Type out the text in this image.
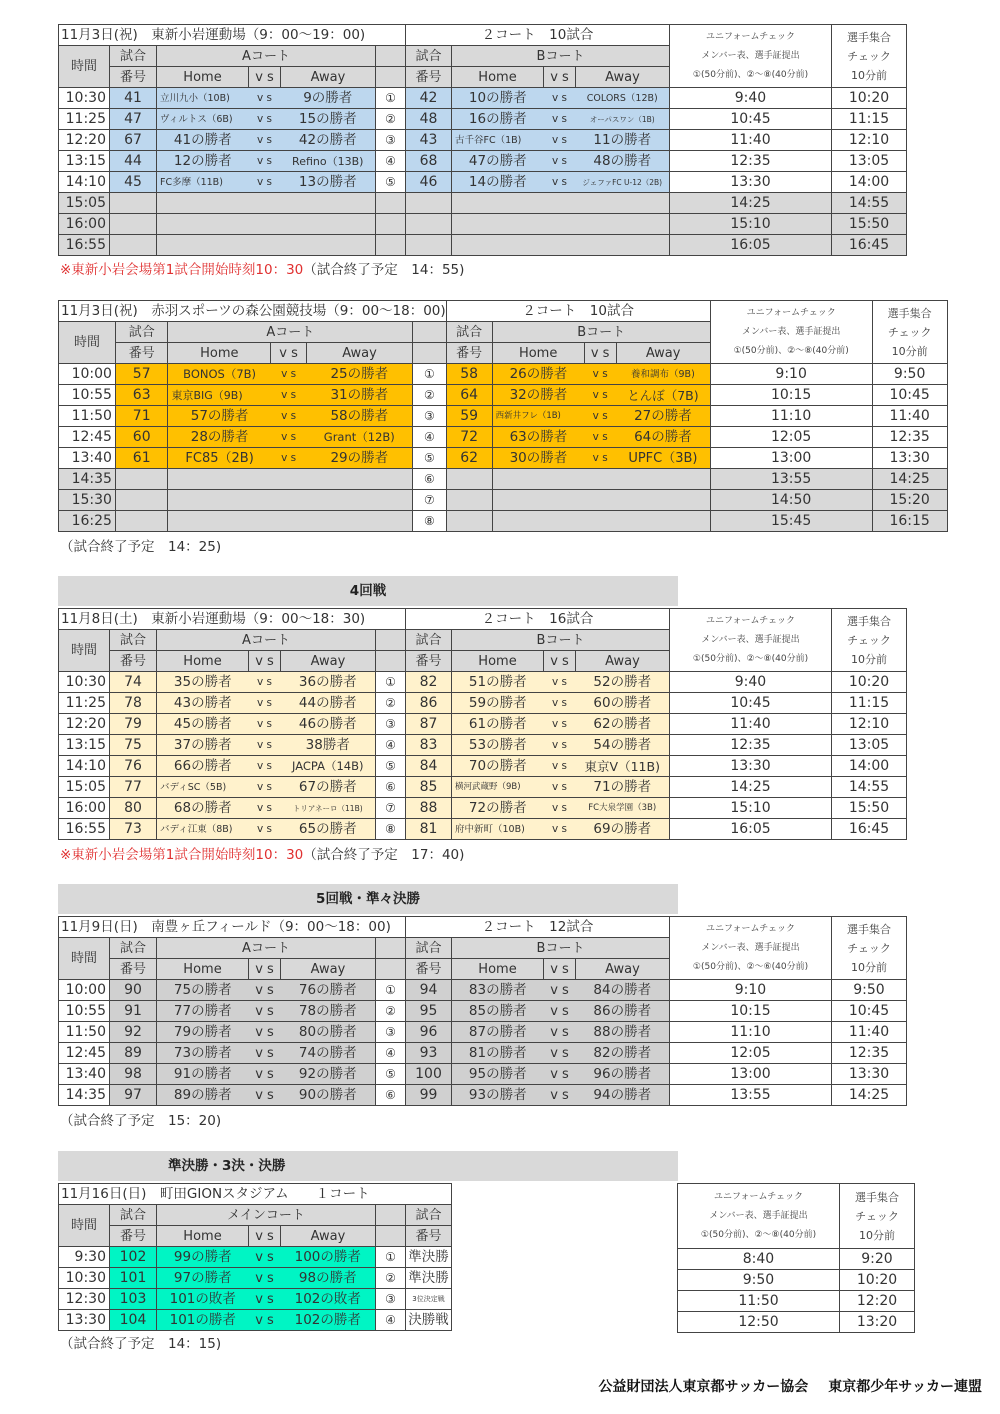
11月3日(祝)　東新小岩運動場（9：00〜19：00)						２コート　10試合				ユニフォームチェック
メンバー表、選手証提出
①(50分前)、②〜⑧(40分前)	選手集合
チェック
10分前
時間	試合	Aコート				試合	Bコート				
	番号	Home	v s	Away		番号	Home	v s	Away		
10:30	41	立川九小（10B)	v s	9の勝者	①	42	10の勝者	v s	COLORS（12B)	9:40	10:20
11:25	47	ヴィルトス（6B)	v s	15の勝者	②	48	16の勝者	v s	オーパスワン（1B)	10:45	11:15
12:20	67	41の勝者	v s	42の勝者	③	43	古千谷FC（1B)	v s	11の勝者	11:40	12:10
13:15	44	12の勝者	v s	Refino（13B)	④	68	47の勝者	v s	48の勝者	12:35	13:05
14:10	45	FC多摩（11B)	v s	13の勝者	⑤	46	14の勝者	v s	ジェファFC U-12（2B)	13:30	14:00
15:05										14:25	14:55
16:00										15:10	15:50
16:55										16:05	16:45
※東新小岩会場第1試合開始時刻10：30（試合終了予定　14：55)
11月3日(祝)　赤羽スポーツの森公園競技場（9：00〜18：00)						２コート　10試合				ユニフォームチェック
メンバー表、選手証提出
①(50分前)、②〜⑧(40分前)	選手集合
チェック
10分前
時間	試合	Aコート				試合	Bコート				
	番号	Home	v s	Away		番号	Home	v s	Away		
10:00	57	BONOS（7B)	v s	25の勝者	①	58	26の勝者	v s	養和調布（9B)	9:10	9:50
10:55	63	東京BIG（9B)	v s	31の勝者	②	64	32の勝者	v s	とんぼ（7B)	10:15	10:45
11:50	71	57の勝者	v s	58の勝者	③	59	西新井フレ（1B)	v s	27の勝者	11:10	11:40
12:45	60	28の勝者	v s	Grant（12B)	④	72	63の勝者	v s	64の勝者	12:05	12:35
13:40	61	FC85（2B)	v s	29の勝者	⑤	62	30の勝者	v s	UPFC（3B)	13:00	13:30
14:35					⑥					13:55	14:25
15:30					⑦					14:50	15:20
16:25					⑧					15:45	16:15
（試合終了予定　14：25)
4回戦
11月8日(土)　東新小岩運動場（9：00〜18：30)						２コート　16試合				ユニフォームチェック
メンバー表、選手証提出
①(50分前)、②〜⑧(40分前)	選手集合
チェック
10分前
時間	試合	Aコート				試合	Bコート				
	番号	Home	v s	Away		番号	Home	v s	Away		
10:30	74	35の勝者	v s	36の勝者	①	82	51の勝者	v s	52の勝者	9:40	10:20
11:25	78	43の勝者	v s	44の勝者	②	86	59の勝者	v s	60の勝者	10:45	11:15
12:20	79	45の勝者	v s	46の勝者	③	87	61の勝者	v s	62の勝者	11:40	12:10
13:15	75	37の勝者	v s	38勝者	④	83	53の勝者	v s	54の勝者	12:35	13:05
14:10	76	66の勝者	v s	JACPA（14B)	⑤	84	70の勝者	v s	東京V（11B)	13:30	14:00
15:05	77	バディSC（5B)	v s	67の勝者	⑥	85	横河武蔵野（9B)	v s	71の勝者	14:25	14:55
16:00	80	68の勝者	v s	トリアネーロ（11B)	⑦	88	72の勝者	v s	FC大泉学園（3B)	15:10	15:50
16:55	73	バディ江東（8B)	v s	65の勝者	⑧	81	府中新町（10B)	v s	69の勝者	16:05	16:45
※東新小岩会場第1試合開始時刻10：30（試合終了予定　17：40)
5回戦・準々決勝
11月9日(日)　南豊ヶ丘フィールド（9：00〜18：00)						２コート　12試合				ユニフォームチェック
メンバー表、選手証提出
①(50分前)、②〜⑥(40分前)	選手集合
チェック
10分前
時間	試合	Aコート				試合	Bコート				
	番号	Home	v s	Away		番号	Home	v s	Away		
10:00	90	75の勝者	v s	76の勝者	①	94	83の勝者	v s	84の勝者	9:10	9:50
10:55	91	77の勝者	v s	78の勝者	②	95	85の勝者	v s	86の勝者	10:15	10:45
11:50	92	79の勝者	v s	80の勝者	③	96	87の勝者	v s	88の勝者	11:10	11:40
12:45	89	73の勝者	v s	74の勝者	④	93	81の勝者	v s	82の勝者	12:05	12:35
13:40	98	91の勝者	v s	92の勝者	⑤	100	95の勝者	v s	96の勝者	13:00	13:30
14:35	97	89の勝者	v s	90の勝者	⑥	99	93の勝者	v s	94の勝者	13:55	14:25
（試合終了予定　15：20)
準決勝・3決・決勝
11月16日(日)　町田GIONスタジアム　　１コート						
時間	試合	メインコート				試合
	番号	Home	v s	Away		番号
9:30	102	99の勝者	v s	100の勝者	①	準決勝
10:30	101	97の勝者	v s	98の勝者	②	準決勝
12:30	103	101の敗者	v s	102の敗者	③	3位決定戦
13:30	104	101の勝者	v s	102の勝者	④	決勝戦
（試合終了予定　14：15)
ユニフォームチェック
メンバー表、選手証提出
①(50分前)、②〜⑧(40分前)	選手集合
チェック
10分前
8:40	9:20
9:50	10:20
11:50	12:20
12:50	13:20
公益財団法人東京都サッカー協会 東京都少年サッカー連盟
